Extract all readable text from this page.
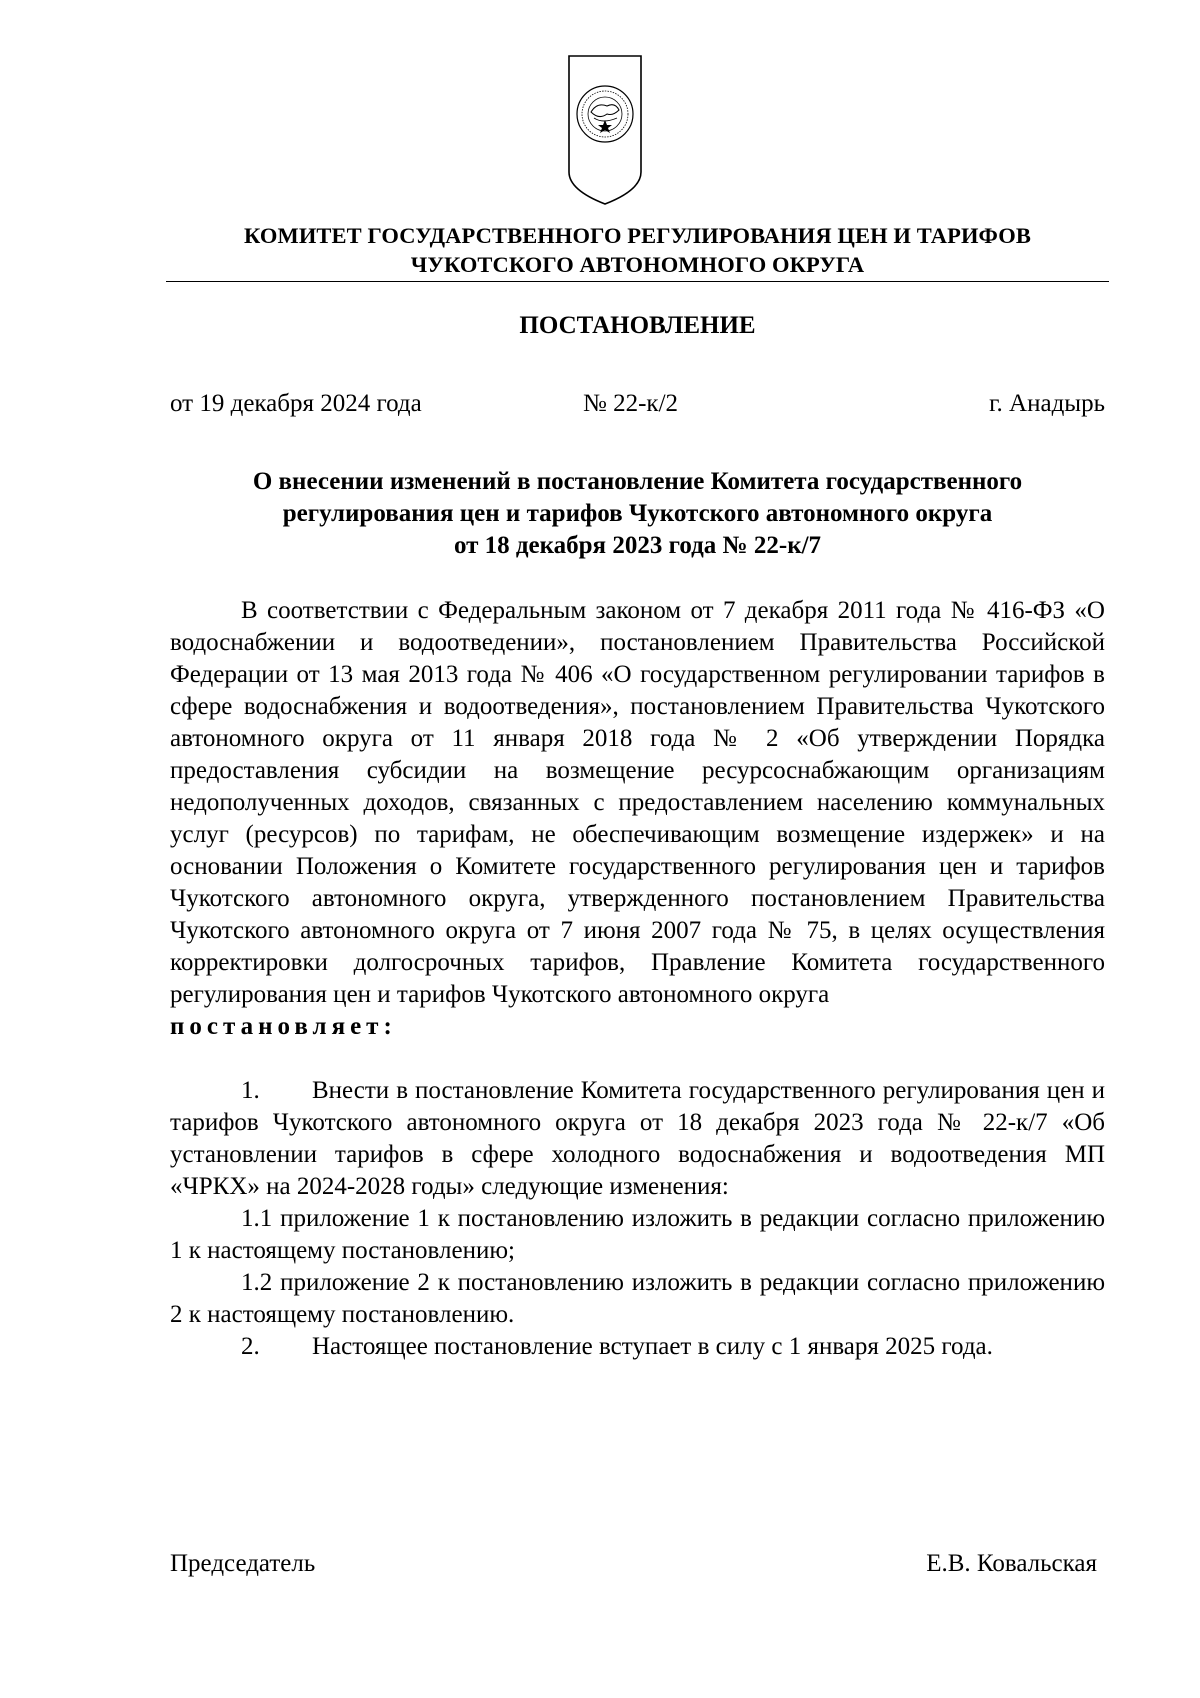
КОМИТЕТ ГОСУДАРСТВЕННОГО РЕГУЛИРОВАНИЯ ЦЕН И ТАРИФОВ
ЧУКОТСКОГО АВТОНОМНОГО ОКРУГА
ПОСТАНОВЛЕНИЕ
от 19 декабря 2024 года	№ 22-к/2	г. Анадырь
О внесении изменений в постановление Комитета государственного
регулирования цен и тарифов Чукотского автономного округа
от 18 декабря 2023 года № 22-к/7

В соответствии с Федеральным законом от 7 декабря 2011 года № 416-ФЗ «О водоснабжении и водоотведении», постановлением Правительства Российской Федерации от 13 мая 2013 года № 406 «О государственном регулировании тарифов в сфере водоснабжения и водоотведения», постановлением Правительства Чукотского автономного округа от 11 января 2018 года № 2 «Об утверждении Порядка предоставления субсидии на возмещение ресурсоснабжающим организациям недополученных доходов, связанных с предоставлением населению коммунальных услуг (ресурсов) по тарифам, не обеспечивающим возмещение издержек» и на основании Положения о Комитете государственного регулирования цен и тарифов Чукотского автономного округа, утвержденного постановлением Правительства Чукотского автономного округа от 7 июня 2007 года № 75, в целях осуществления корректировки долгосрочных тарифов, Правление Комитета государственного регулирования цен и тарифов Чукотского автономного округа

постановляет:

1. Внести в постановление Комитета государственного регулирования цен и тарифов Чукотского автономного округа от 18 декабря 2023 года № 22-к/7 «Об установлении тарифов в сфере холодного водоснабжения и водоотведения МП «ЧРКХ» на 2024-2028 годы» следующие изменения:

1.1 приложение 1 к постановлению изложить в редакции согласно приложению 1 к настоящему постановлению;

1.2 приложение 2 к постановлению изложить в редакции согласно приложению 2 к настоящему постановлению.

2. Настоящее постановление вступает в силу с 1 января 2025 года.

Председатель	Е.В. Ковальская
